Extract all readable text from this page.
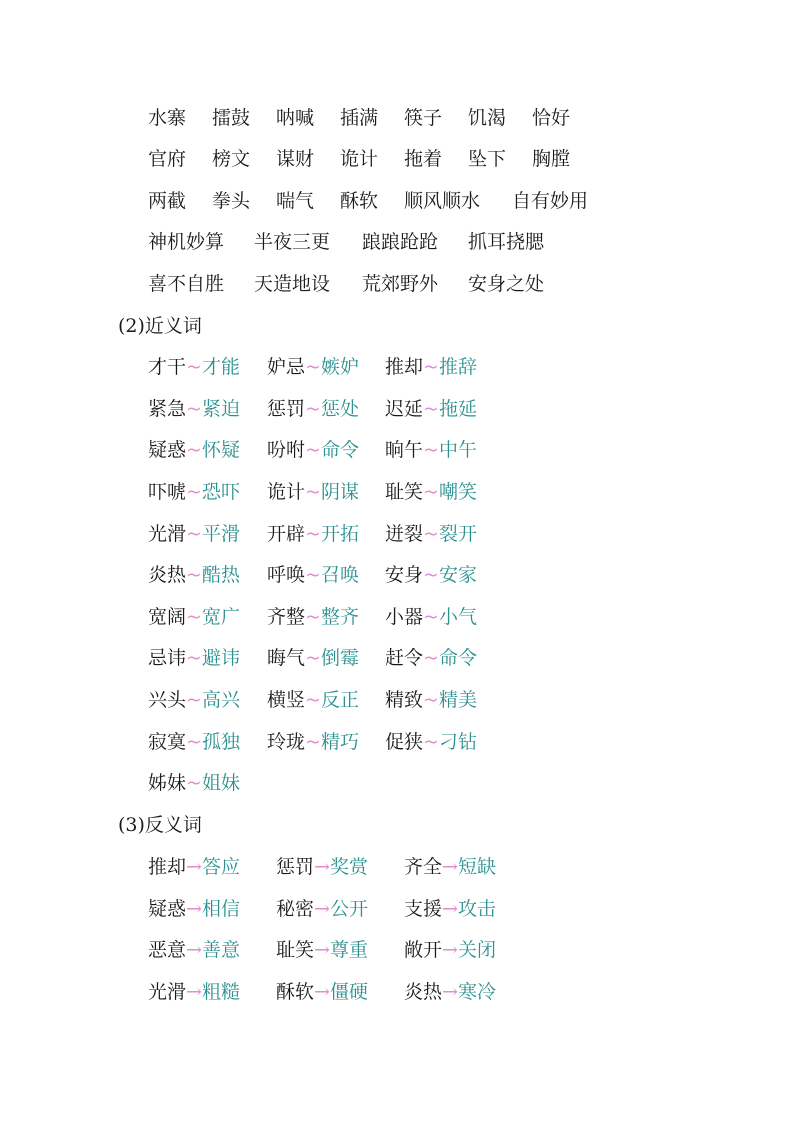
水寨 擂鼓 呐喊 插满 筷子 饥渴 恰好
官府 榜文 谋财 诡计 拖着 坠下 胸膛
两截 拳头 喘气 酥软 顺风顺水 自有妙用
神机妙算 半夜三更 踉踉跄跄 抓耳挠腮
喜不自胜 天造地设 荒郊野外 安身之处
(2)近义词
才干~才能 妒忌~嫉妒 推却~推辞
紧急~紧迫 惩罚~惩处 迟延~拖延
疑惑~怀疑 吩咐~命令 晌午~中午
吓唬~恐吓 诡计~阴谋 耻笑~嘲笑
光滑~平滑 开辟~开拓 迸裂~裂开
炎热~酷热 呼唤~召唤 安身~安家
宽阔~宽广 齐整~整齐 小器~小气
忌讳~避讳 晦气~倒霉 赶令~命令
兴头~高兴 横竖~反正 精致~精美
寂寞~孤独 玲珑~精巧 促狭~刁钻
姊妹~姐妹
(3)反义词
推却→答应 惩罚→奖赏 齐全→短缺
疑惑→相信 秘密→公开 支援→攻击
恶意→善意 耻笑→尊重 敞开→关闭
光滑→粗糙 酥软→僵硬 炎热→寒冷
